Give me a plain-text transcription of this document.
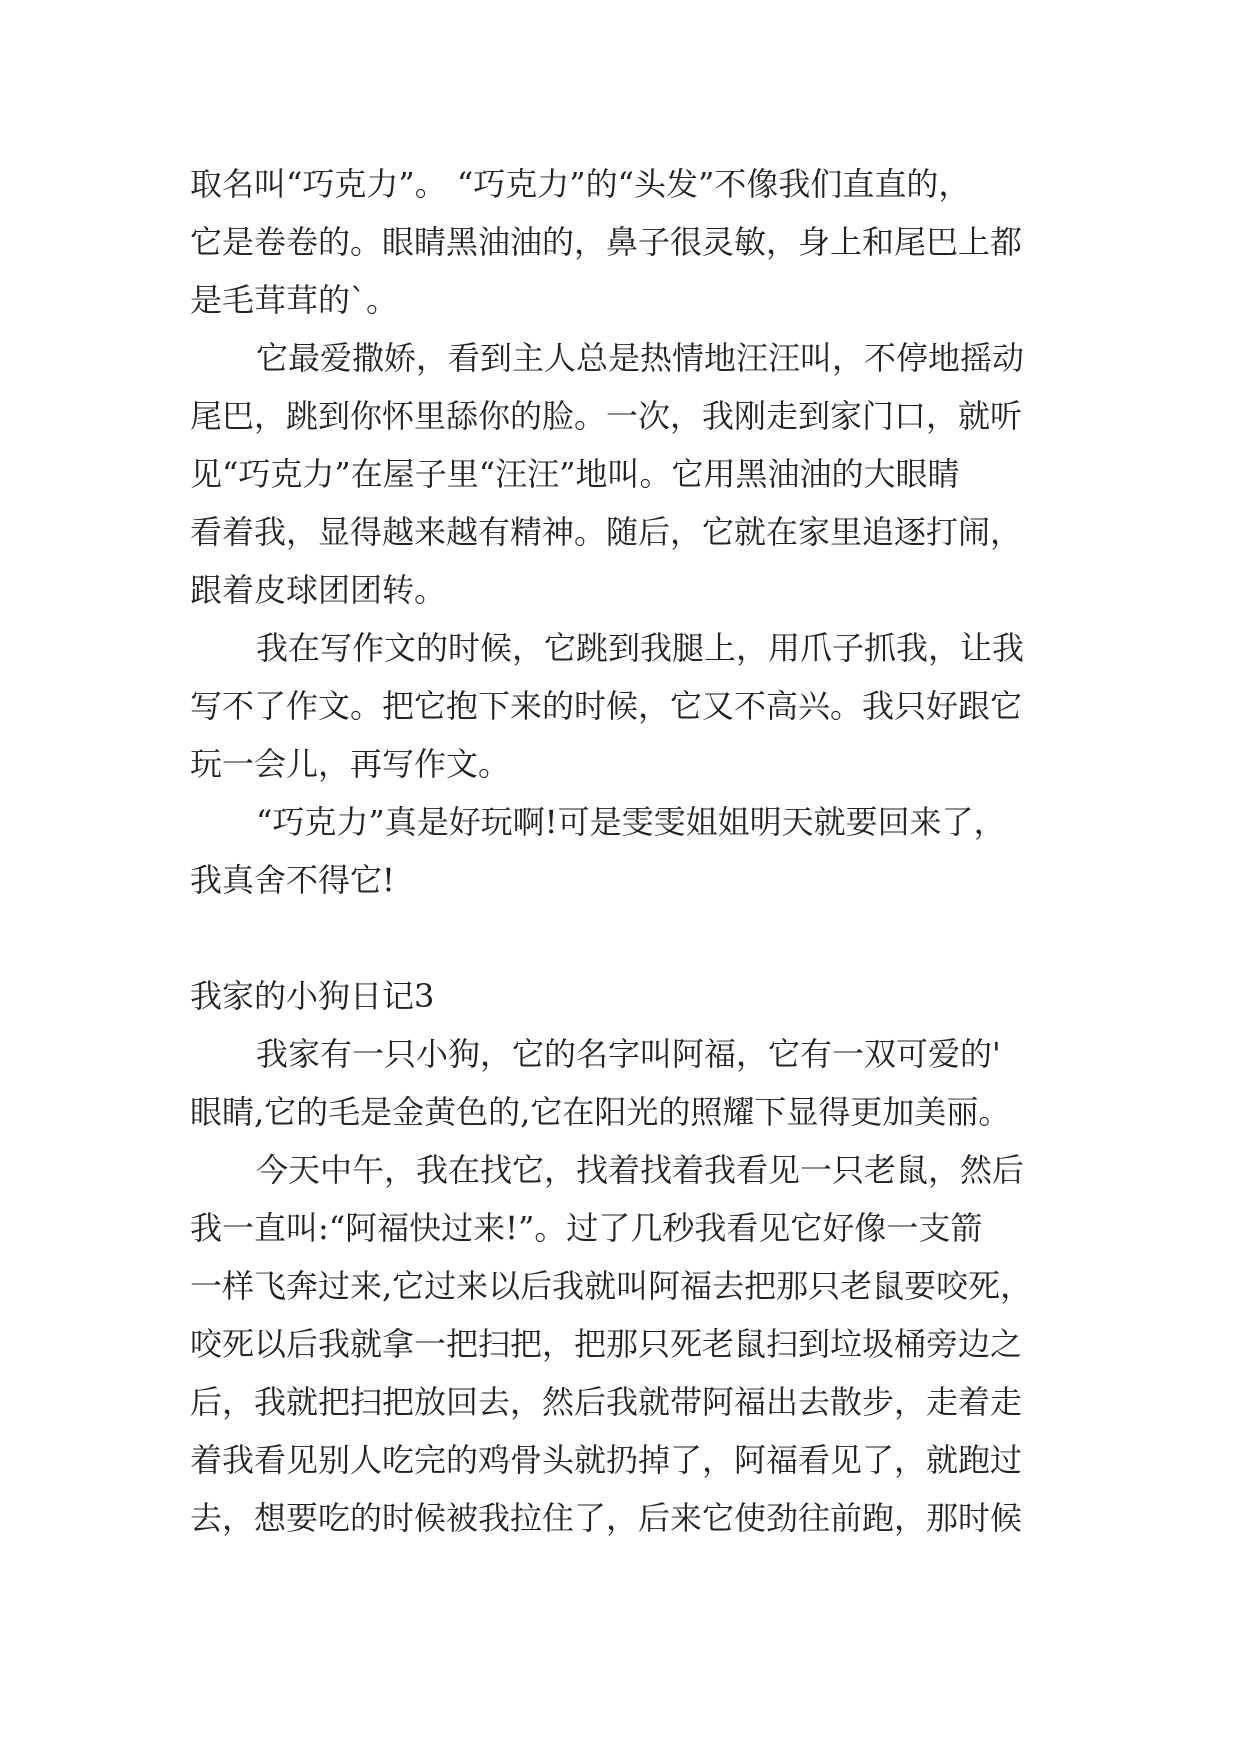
取名叫“巧克力”。 “巧克力”的“头发”不像我们直直的，
它是卷卷的。眼睛黑油油的，鼻子很灵敏，身上和尾巴上都
是毛茸茸的`。
它最爱撒娇，看到主人总是热情地汪汪叫，不停地摇动
尾巴，跳到你怀里舔你的脸。一次，我刚走到家门口，就听
见“巧克力”在屋子里“汪汪”地叫。它用黑油油的大眼睛
看着我，显得越来越有精神。随后，它就在家里追逐打闹，
跟着皮球团团转。
我在写作文的时候，它跳到我腿上，用爪子抓我，让我
写不了作文。把它抱下来的时候，它又不高兴。我只好跟它
玩一会儿，再写作文。
“巧克力”真是好玩啊!可是雯雯姐姐明天就要回来了，
我真舍不得它!
我家的小狗日记3
我家有一只小狗，它的名字叫阿福，它有一双可爱的'
眼睛,它的毛是金黄色的,它在阳光的照耀下显得更加美丽。
今天中午，我在找它，找着找着我看见一只老鼠，然后
我一直叫:“阿福快过来!”。过了几秒我看见它好像一支箭
一样飞奔过来,它过来以后我就叫阿福去把那只老鼠要咬死，
咬死以后我就拿一把扫把，把那只死老鼠扫到垃圾桶旁边之
后，我就把扫把放回去，然后我就带阿福出去散步，走着走
着我看见别人吃完的鸡骨头就扔掉了，阿福看见了，就跑过
去，想要吃的时候被我拉住了，后来它使劲往前跑，那时候
